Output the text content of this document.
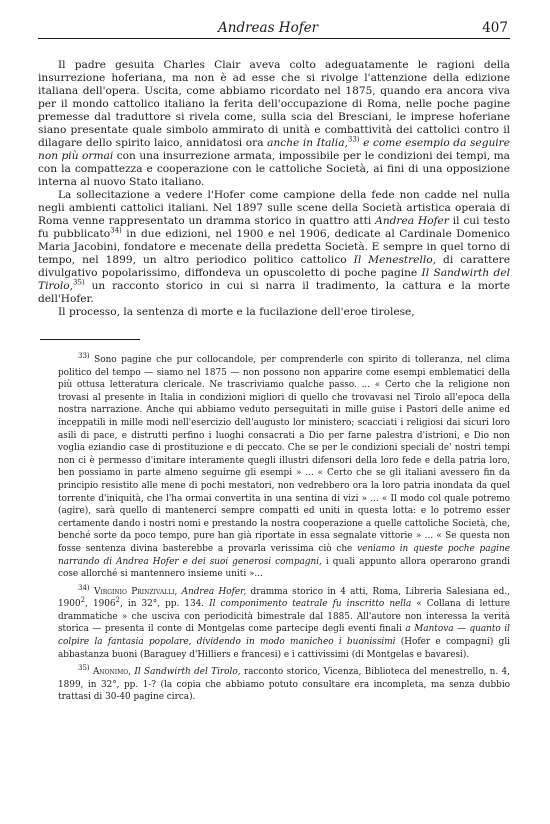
Andreas Hofer	407

Il padre gesuita Charles Clair aveva colto adeguatamente le ragioni della insurrezione hoferiana, ma non è ad esse che si rivolge l'attenzione della edizione italiana dell'opera. Uscita, come abbiamo ricordato nel 1875, quando era ancora viva per il mondo cattolico italiano la ferita dell'occupazione di Roma, nelle poche pagine premesse dal traduttore si rivela come, sulla scia del Bresciani, le imprese hoferiane siano presentate quale simbolo ammirato di unità e combattività dei cattolici contro il dilagare dello spirito laico, annidatosi ora anche in Italia,$^{33)}$ e come esempio da seguire non più ormai con una insurrezione armata, impossibile per le condizioni dei tempi, ma con la compattezza e cooperazione con le cattoliche Società, ai fini di una opposizione interna al nuovo Stato italiano.

La sollecitazione a vedere l'Hofer come campione della fede non cadde nel nulla negli ambienti cattolici italiani. Nel 1897 sulle scene della Società artistica operaia di Roma venne rappresentato un dramma storico in quattro atti Andrea Hofer il cui testo fu pubblicato$^{34)}$ in due edizioni, nel 1900 e nel 1906, dedicate al Cardinale Domenico Maria Jacobini, fondatore e mecenate della predetta Società. E sempre in quel torno di tempo, nel 1899, un altro periodico politico cattolico Il Menestrello, di carattere divulgativo popolarissimo, diffondeva un opuscoletto di poche pagine Il Sandwirth del Tirolo,$^{35)}$ un racconto storico in cui si narra il tradimento, la cattura e la morte dell'Hofer.

Il processo, la sentenza di morte e la fucilazione dell'eroe tirolese,

$^{33)}$ Sono pagine che pur collocandole, per comprenderle con spirito di tolleranza, nel clima politico del tempo — siamo nel 1875 — non possono non apparire come esempi emblematici della più ottusa letteratura clericale. Ne trascriviamo qualche passo. ... « Certo che la religione non trovasi al presente in Italia in condizioni migliori di quello che trovavasi nel Tirolo all'epoca della nostra narrazione. Anche qui abbiamo veduto perseguitati in mille guise i Pastori delle anime ed inceppatili in mille modi nell'esercizio dell'augusto lor ministero; scacciati i religiosi dai sicuri loro asili di pace, e distrutti perfino i luoghi consacrati a Dio per farne palestra d'istrioni, e Dio non voglia eziandio case di prostituzione e di peccato. Che se per le condizioni speciali de' nostri tempi non ci è permesso d'imitare interamente quegli illustri difensori della loro fede e della patria loro, ben possiamo in parte almeno seguirne gli esempi » ... « Certo che se gli italiani avessero fin da principio resistito alle mene di pochi mestatori, non vedrebbero ora la loro patria inondata da quel torrente d'iniquità, che l'ha ormai convertita in una sentina di vizi » ... « Il modo col quale potremo (agire), sarà quello di mantenerci sempre compatti ed uniti in questa lotta: e lo potremo esser certamente dando i nostri nomi e prestando la nostra cooperazione a quelle cattoliche Società, che, benché sorte da poco tempo, pure han già riportate in essa segnalate vittorie » ... « Se questa non fosse sentenza divina basterebbe a provarla verissima ciò che veniamo in queste poche pagine narrando di Andrea Hofer e dei suoi generosi compagni, i quali appunto allora operarono grandi cose allorché si mantennero insieme uniti »...

$^{34)}$ Virginio Prinzivalli, Andrea Hofer, dramma storico in 4 atti, Roma, Libreria Salesiana ed., 1900$^2$, 1906$^2$, in 32°, pp. 134. Il componimento teatrale fu inscritto nella « Collana di letture drammatiche » che usciva con periodicità bimestrale dal 1885. All'autore non interessa la verità storica — presenta il conte di Montgelas come partecipe degli eventi finali a Mantova — quanto il colpire la fantasia popolare, dividendo in modo manicheo i buonissimi (Hofer e compagni) gli abbastanza buoni (Baraguey d'Hilliers e francesi) e i cattivissimi (di Montgelas e bavaresi).

$^{35)}$ Anonimo, Il Sandwirth del Tirolo, racconto storico, Vicenza, Biblioteca del menestrello, n. 4, 1899, in 32°, pp. 1-? (la copia che abbiamo potuto consultare era incompleta, ma senza dubbio trattasi di 30-40 pagine circa).
